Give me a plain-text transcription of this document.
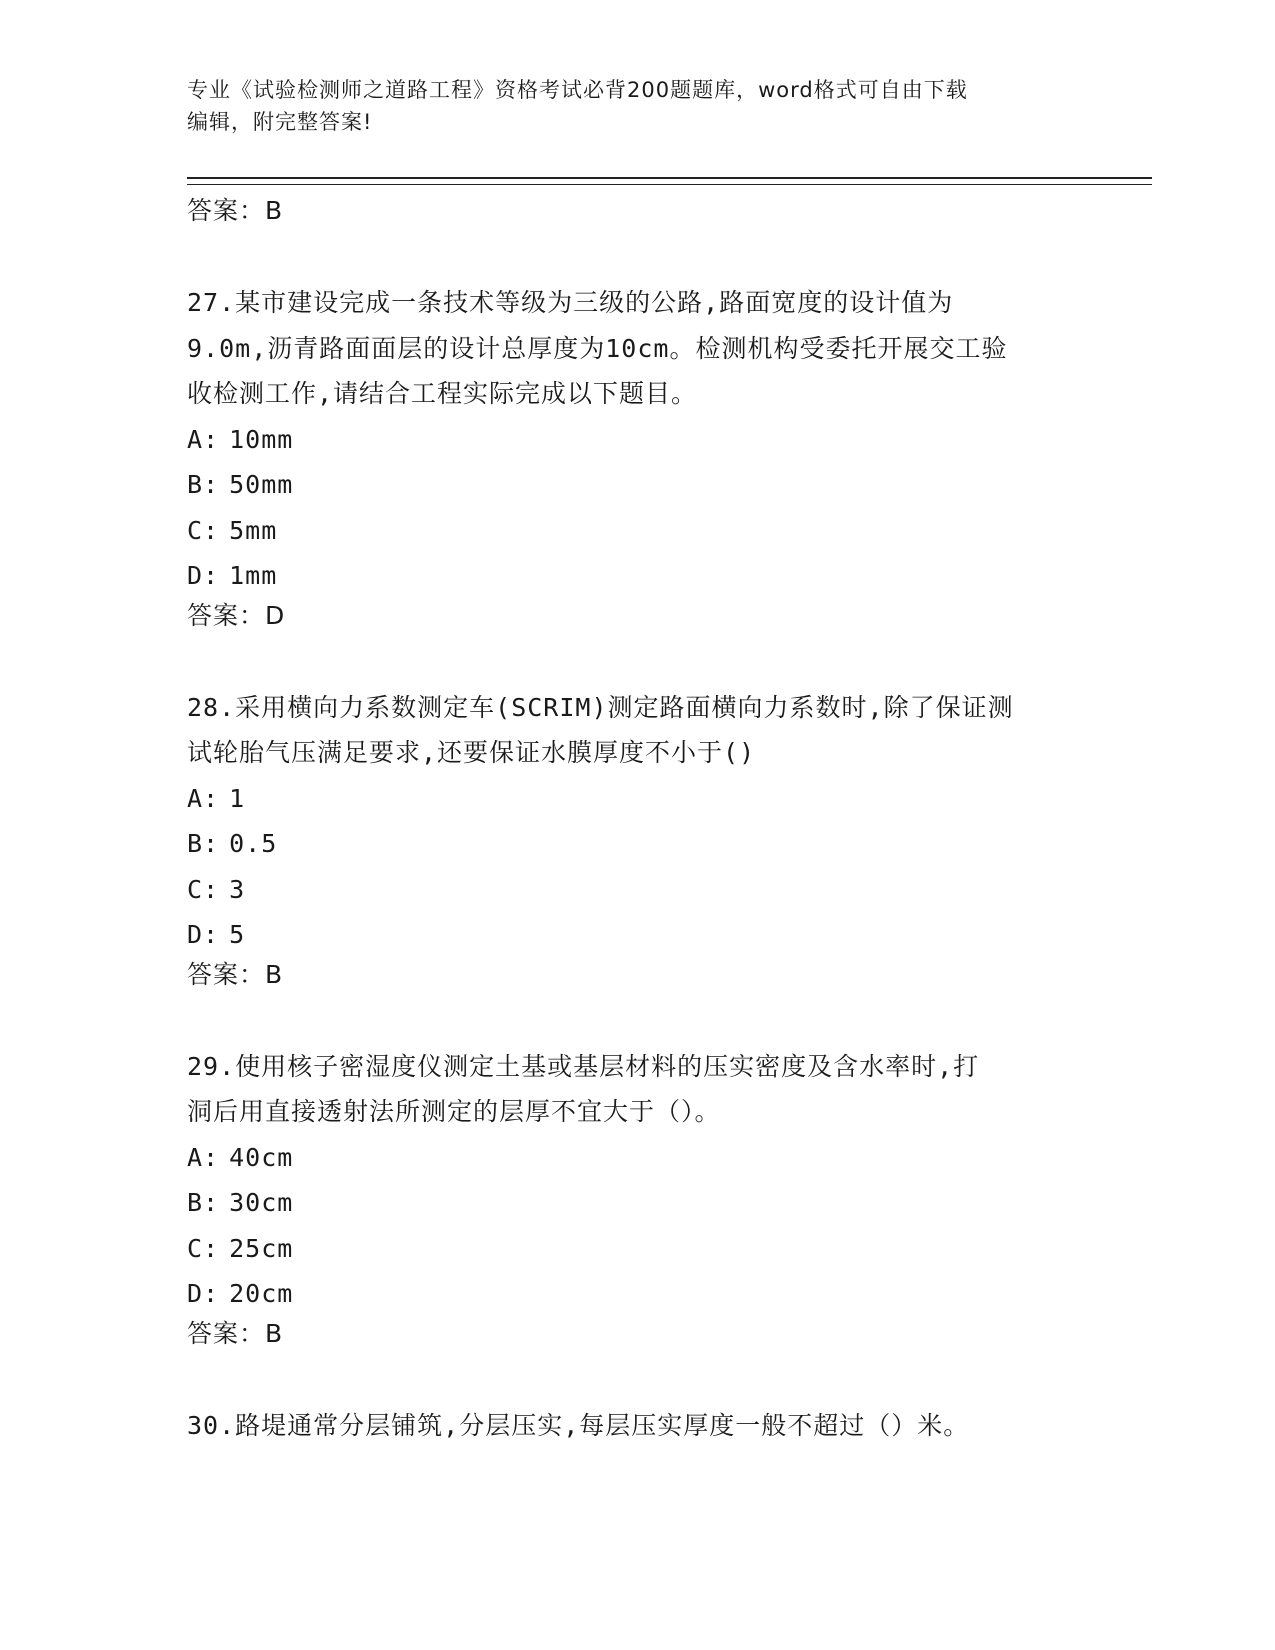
专业《试验检测师之道路工程》资格考试必背200题题库，word格式可自由下载
编辑，附完整答案!

答案：B

27.某市建设完成一条技术等级为三级的公路,路面宽度的设计值为

9.0m,沥青路面面层的设计总厚度为10cm。检测机构受委托开展交工验

收检测工作,请结合工程实际完成以下题目。

A: 10mm

B: 50mm

C: 5mm

D: 1mm

答案：D

28.采用横向力系数测定车(SCRIM)测定路面横向力系数时,除了保证测

试轮胎气压满足要求,还要保证水膜厚度不小于()

A: 1

B: 0.5

C: 3

D: 5

答案：B

29.使用核子密湿度仪测定土基或基层材料的压实密度及含水率时,打

洞后用直接透射法所测定的层厚不宜大于（）。

A: 40cm

B: 30cm

C: 25cm

D: 20cm

答案：B

30.路堤通常分层铺筑,分层压实,每层压实厚度一般不超过（）米。
